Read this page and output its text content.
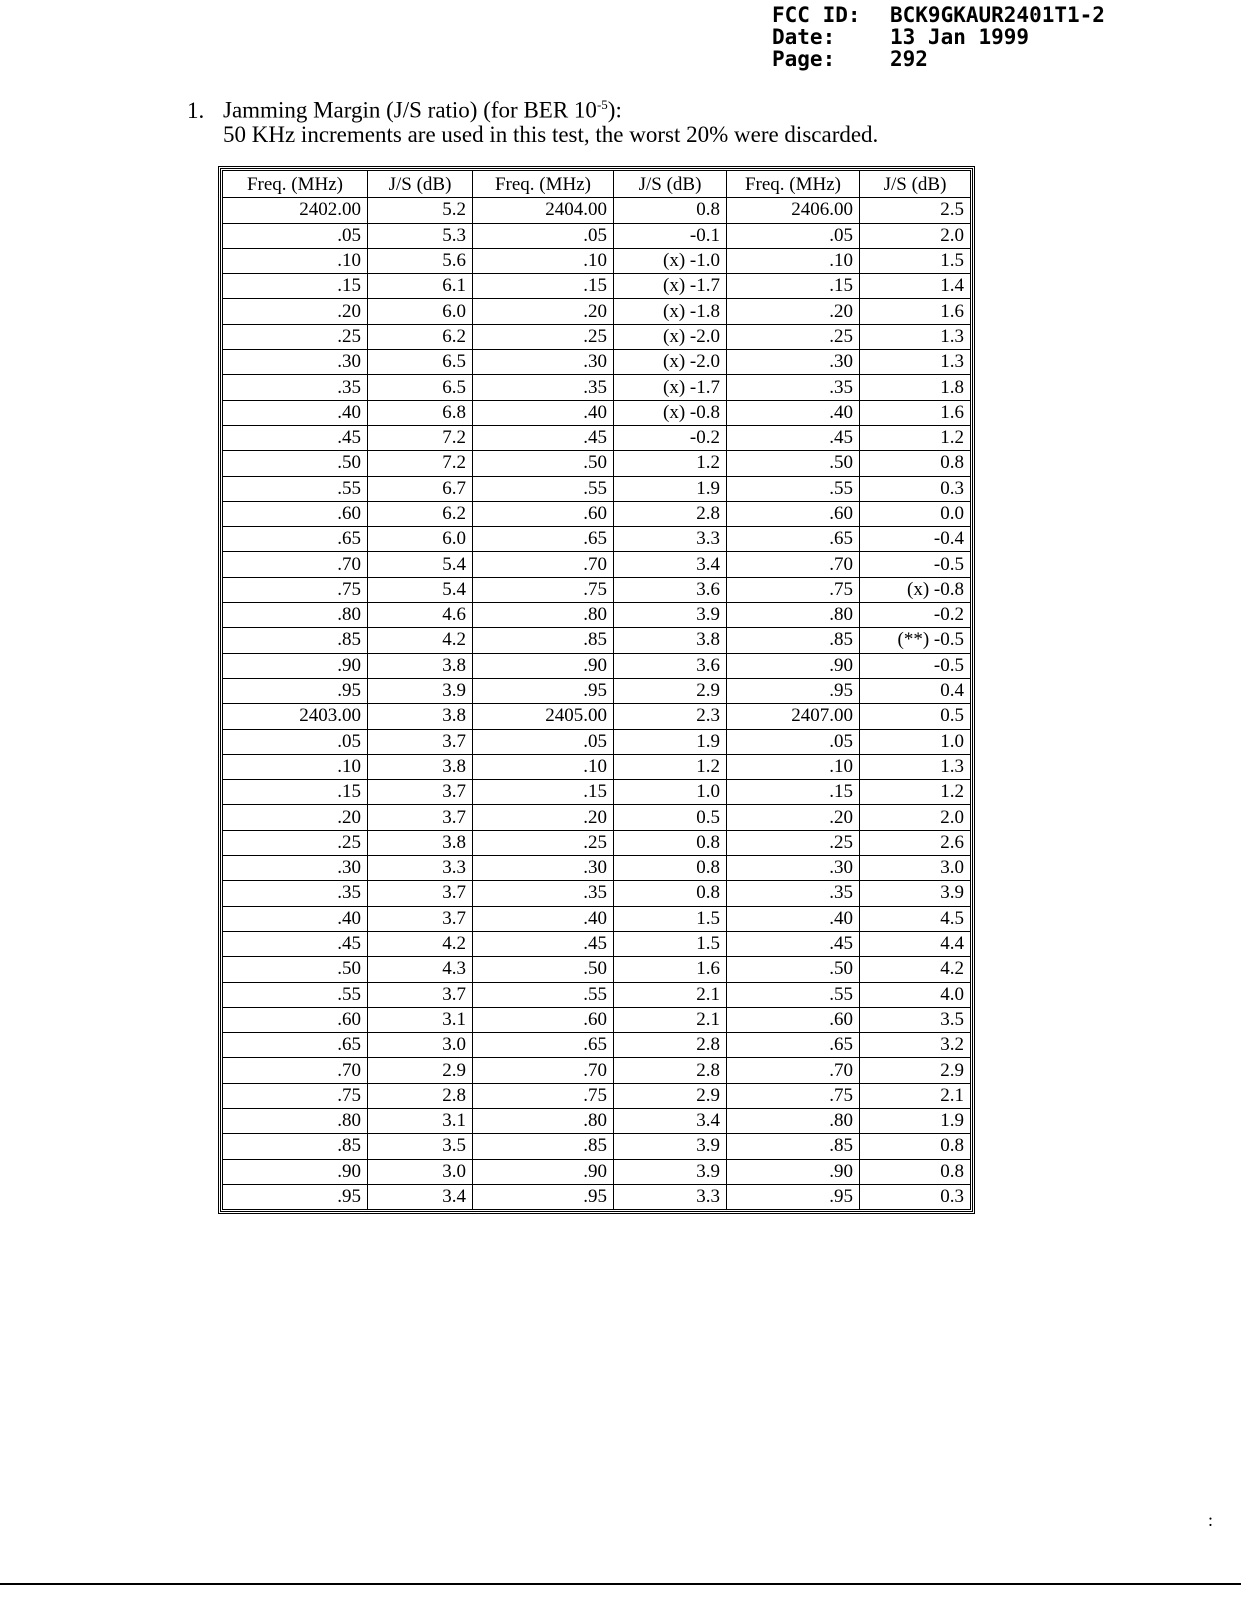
FCC ID:	BCK9GKAUR2401T1-2
Date:	13 Jan 1999
Page:	292
1. Jamming Margin (J/S ratio) (for BER $10^{-5}$):
50 KHz increments are used in this test, the worst 20% were discarded.
Freq. (MHz)	J/S (dB)	Freq. (MHz)	J/S (dB)	Freq. (MHz)	J/S (dB)
2402.00	5.2	2404.00	0.8	2406.00	2.5
.05	5.3	.05	-0.1	.05	2.0
.10	5.6	.10	(x) -1.0	.10	1.5
.15	6.1	.15	(x) -1.7	.15	1.4
.20	6.0	.20	(x) -1.8	.20	1.6
.25	6.2	.25	(x) -2.0	.25	1.3
.30	6.5	.30	(x) -2.0	.30	1.3
.35	6.5	.35	(x) -1.7	.35	1.8
.40	6.8	.40	(x) -0.8	.40	1.6
.45	7.2	.45	-0.2	.45	1.2
.50	7.2	.50	1.2	.50	0.8
.55	6.7	.55	1.9	.55	0.3
.60	6.2	.60	2.8	.60	0.0
.65	6.0	.65	3.3	.65	-0.4
.70	5.4	.70	3.4	.70	-0.5
.75	5.4	.75	3.6	.75	(x) -0.8
.80	4.6	.80	3.9	.80	-0.2
.85	4.2	.85	3.8	.85	(**) -0.5
.90	3.8	.90	3.6	.90	-0.5
.95	3.9	.95	2.9	.95	0.4
2403.00	3.8	2405.00	2.3	2407.00	0.5
.05	3.7	.05	1.9	.05	1.0
.10	3.8	.10	1.2	.10	1.3
.15	3.7	.15	1.0	.15	1.2
.20	3.7	.20	0.5	.20	2.0
.25	3.8	.25	0.8	.25	2.6
.30	3.3	.30	0.8	.30	3.0
.35	3.7	.35	0.8	.35	3.9
.40	3.7	.40	1.5	.40	4.5
.45	4.2	.45	1.5	.45	4.4
.50	4.3	.50	1.6	.50	4.2
.55	3.7	.55	2.1	.55	4.0
.60	3.1	.60	2.1	.60	3.5
.65	3.0	.65	2.8	.65	3.2
.70	2.9	.70	2.8	.70	2.9
.75	2.8	.75	2.9	.75	2.1
.80	3.1	.80	3.4	.80	1.9
.85	3.5	.85	3.9	.85	0.8
.90	3.0	.90	3.9	.90	0.8
.95	3.4	.95	3.3	.95	0.3
:
